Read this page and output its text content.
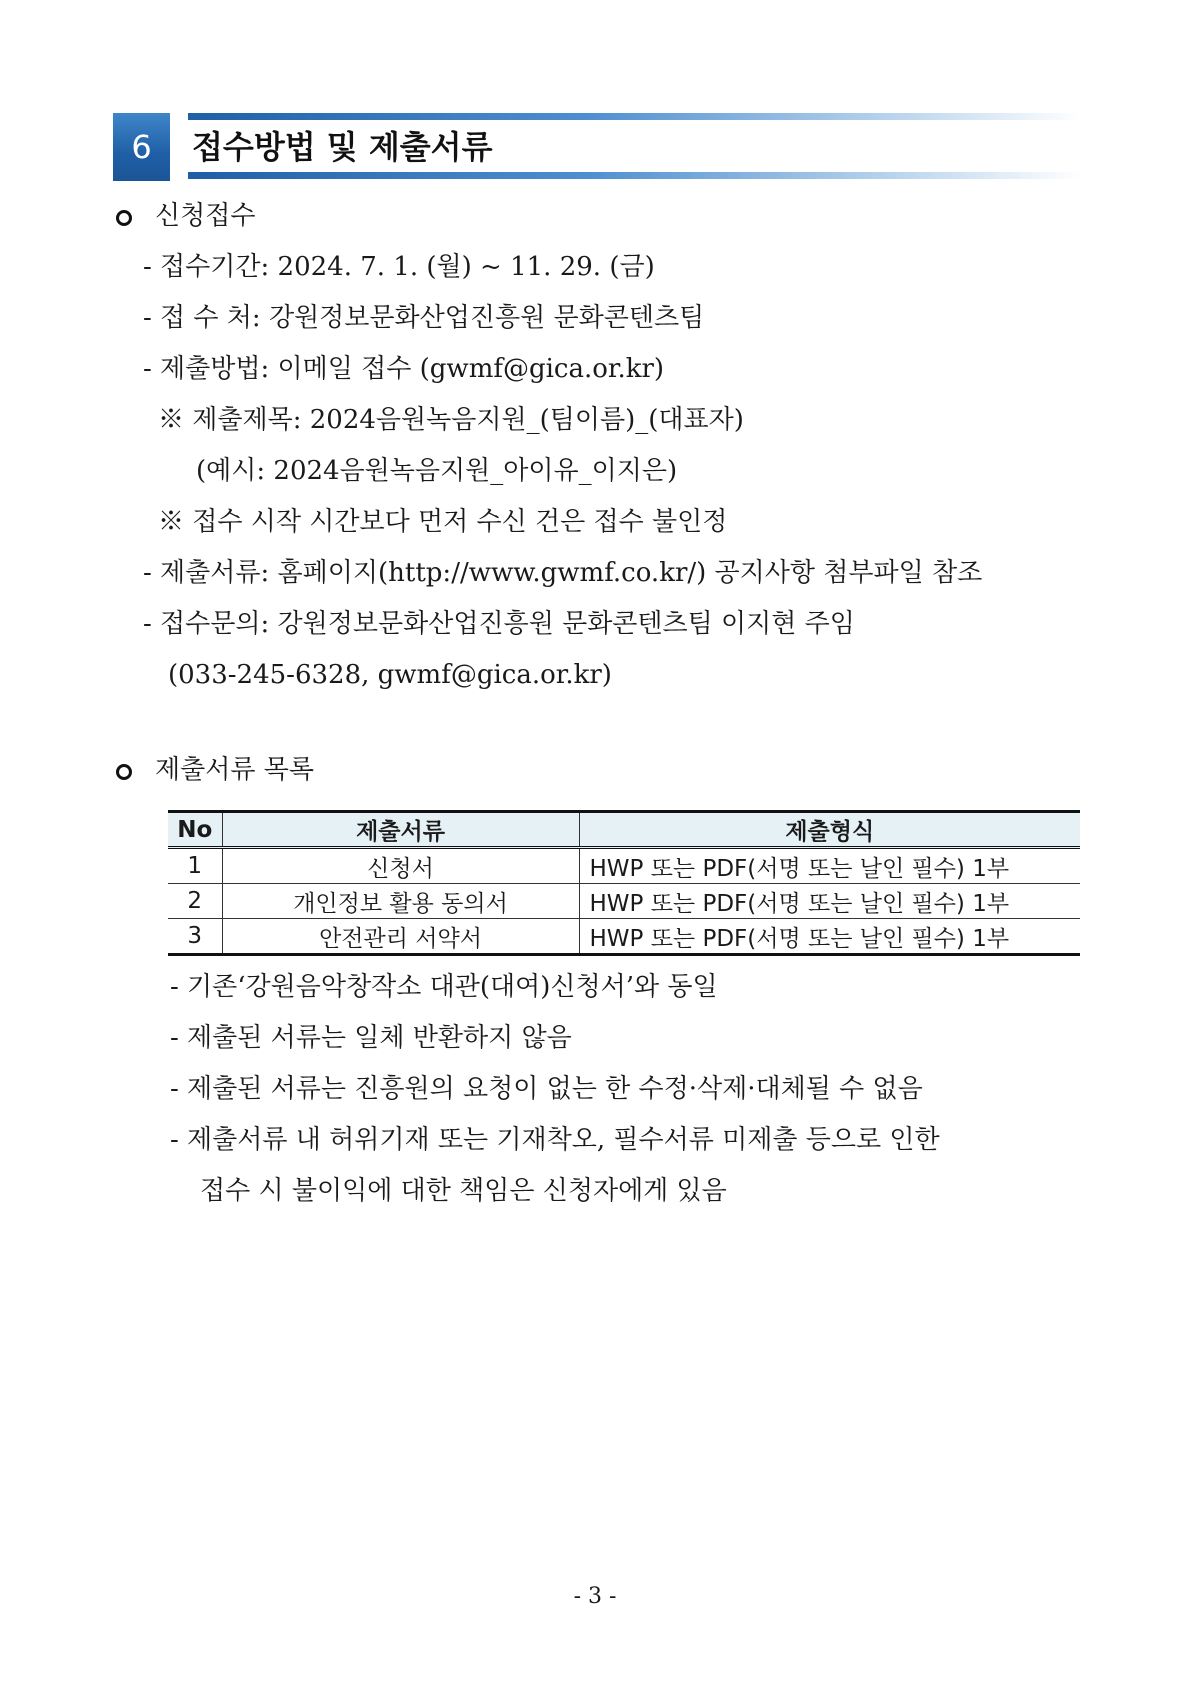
6 접수방법 및 제출서류
신청접수
- 접수기간: 2024. 7. 1. (월) ~ 11. 29. (금)
- 접 수 처: 강원정보문화산업진흥원 문화콘텐츠팀
- 제출방법: 이메일 접수 (gwmf@gica.or.kr)
※ 제출제목: 2024음원녹음지원_(팀이름)_(대표자)
(예시: 2024음원녹음지원_아이유_이지은)
※ 접수 시작 시간보다 먼저 수신 건은 접수 불인정
- 제출서류: 홈페이지(http://www.gwmf.co.kr/) 공지사항 첨부파일 참조
- 접수문의: 강원정보문화산업진흥원 문화콘텐츠팀 이지현 주임
(033-245-6328, gwmf@gica.or.kr)
제출서류 목록
No	제출서류	제출형식
1	신청서	HWP 또는 PDF(서명 또는 날인 필수) 1부
2	개인정보 활용 동의서	HWP 또는 PDF(서명 또는 날인 필수) 1부
3	안전관리 서약서	HWP 또는 PDF(서명 또는 날인 필수) 1부
- 기존‘강원음악창작소 대관(대여)신청서’와 동일
- 제출된 서류는 일체 반환하지 않음
- 제출된 서류는 진흥원의 요청이 없는 한 수정·삭제·대체될 수 없음
- 제출서류 내 허위기재 또는 기재착오, 필수서류 미제출 등으로 인한
접수 시 불이익에 대한 책임은 신청자에게 있음
- 3 -
